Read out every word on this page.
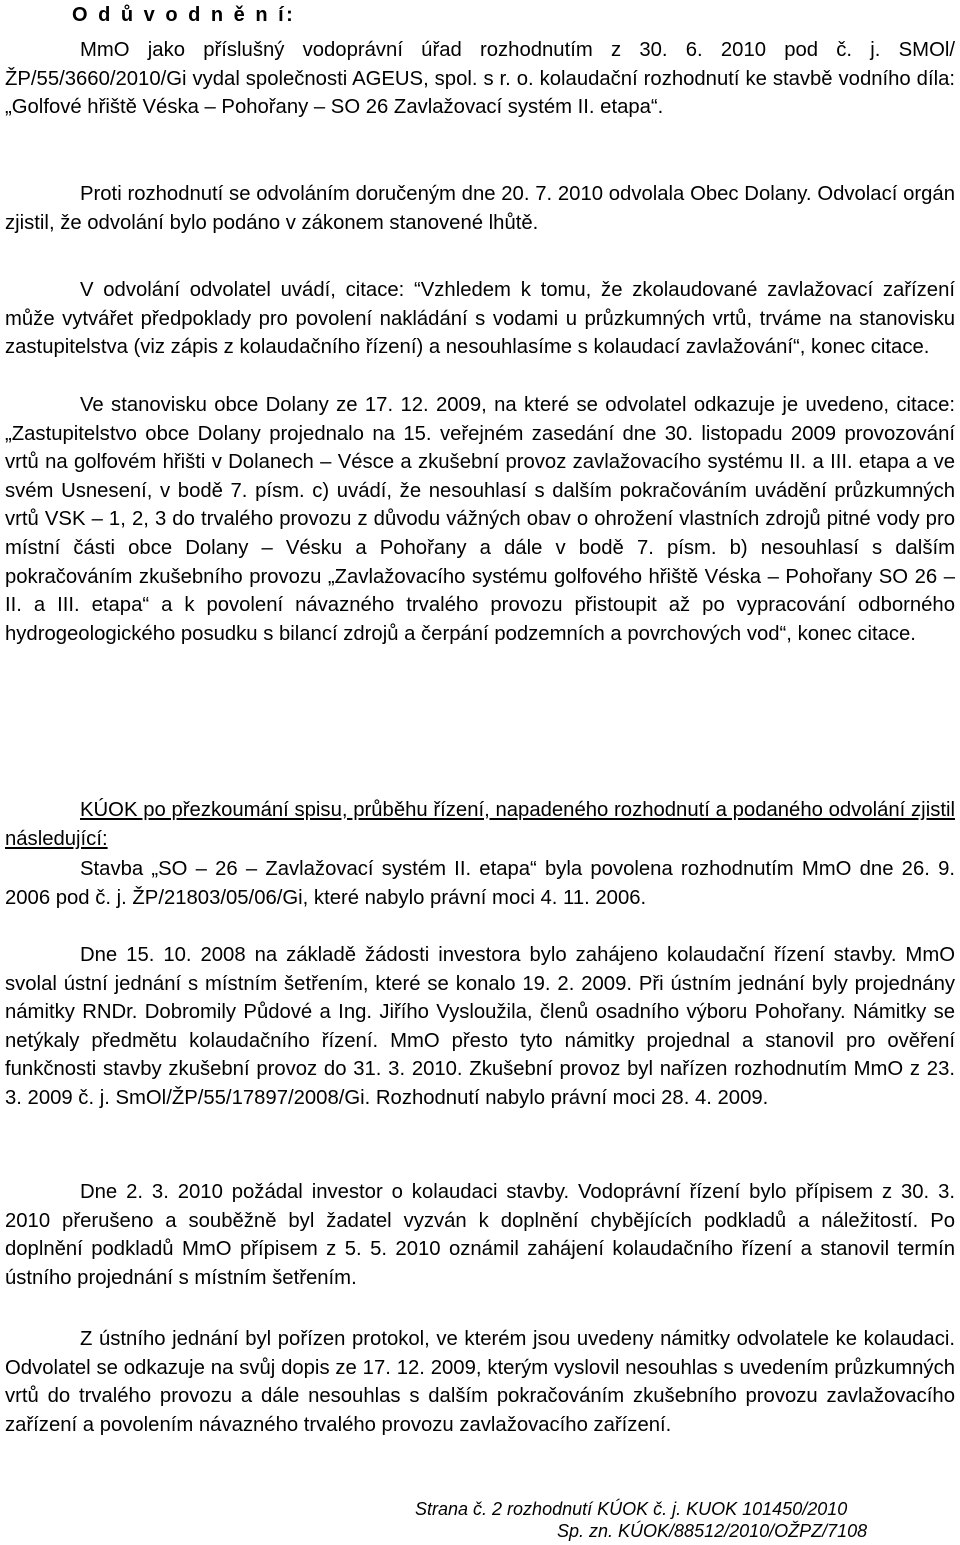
O d ů v o d n ě n í:
MmO jako příslušný vodoprávní úřad rozhodnutím z 30. 6. 2010 pod č. j. SMOl/ŽP/55/3660/2010/Gi vydal společnosti AGEUS, spol. s r. o. kolaudační rozhodnutí ke stavbě vodního díla: „Golfové hřiště Véska – Pohořany – SO 26 Zavlažovací systém II. etapa“.
Proti rozhodnutí se odvoláním doručeným dne 20. 7. 2010 odvolala Obec Dolany. Odvolací orgán zjistil, že odvolání bylo podáno v zákonem stanovené lhůtě.
V odvolání odvolatel uvádí, citace: “Vzhledem k tomu, že zkolaudované zavlažovací zařízení může vytvářet předpoklady pro povolení nakládání s vodami u průzkumných vrtů, trváme na stanovisku zastupitelstva (viz zápis z kolaudačního řízení) a nesouhlasíme s kolaudací zavlažování“, konec citace.
Ve stanovisku obce Dolany ze 17. 12. 2009, na které se odvolatel odkazuje je uvedeno, citace: „Zastupitelstvo obce Dolany projednalo na 15. veřejném zasedání dne 30. listopadu 2009 provozování vrtů na golfovém hřišti v Dolanech – Vésce a zkušební provoz zavlažovacího systému II. a III. etapa a ve svém Usnesení, v bodě 7. písm. c) uvádí, že nesouhlasí s dalším pokračováním uvádění průzkumných vrtů VSK – 1, 2, 3 do trvalého provozu z důvodu vážných obav o ohrožení vlastních zdrojů pitné vody pro místní části obce Dolany – Vésku a Pohořany a dále v bodě 7. písm. b) nesouhlasí s dalším pokračováním zkušebního provozu „Zavlažovacího systému golfového hřiště Véska – Pohořany SO 26 – II. a III. etapa“ a k povolení návazného trvalého provozu přistoupit až po vypracování odborného hydrogeologického posudku s bilancí zdrojů a čerpání podzemních a povrchových vod“, konec citace.
KÚOK po přezkoumání spisu, průběhu řízení, napadeného rozhodnutí a podaného odvolání zjistil následující:
Stavba „SO – 26 – Zavlažovací systém II. etapa“ byla povolena rozhodnutím MmO dne 26. 9. 2006 pod č. j. ŽP/21803/05/06/Gi, které nabylo právní moci 4. 11. 2006.
Dne 15. 10. 2008 na základě žádosti investora bylo zahájeno kolaudační řízení stavby. MmO svolal ústní jednání s místním šetřením, které se konalo 19. 2. 2009. Při ústním jednání byly projednány námitky RNDr. Dobromily Půdové a Ing. Jiřího Vysloužila, členů osadního výboru Pohořany. Námitky se netýkaly předmětu kolaudačního řízení. MmO přesto tyto námitky projednal a stanovil pro ověření funkčnosti stavby zkušební provoz do 31. 3. 2010. Zkušební provoz byl nařízen rozhodnutím MmO z 23. 3. 2009 č. j. SmOl/ŽP/55/17897/2008/Gi. Rozhodnutí nabylo právní moci 28. 4. 2009.
Dne 2. 3. 2010 požádal investor o kolaudaci stavby. Vodoprávní řízení bylo přípisem z 30. 3. 2010 přerušeno a souběžně byl žadatel vyzván k doplnění chybějících podkladů a náležitostí. Po doplnění podkladů MmO přípisem z 5. 5. 2010 oznámil zahájení kolaudačního řízení a stanovil termín ústního projednání s místním šetřením.
Z ústního jednání byl pořízen protokol, ve kterém jsou uvedeny námitky odvolatele ke kolaudaci. Odvolatel se odkazuje na svůj dopis ze 17. 12. 2009, kterým vyslovil nesouhlas s uvedením průzkumných vrtů do trvalého provozu a dále nesouhlas s dalším pokračováním zkušebního provozu zavlažovacího zařízení a povolením návazného trvalého provozu zavlažovacího zařízení.
Strana č. 2 rozhodnutí KÚOK č. j. KUOK 101450/2010
Sp. zn. KÚOK/88512/2010/OŽPZ/7108
